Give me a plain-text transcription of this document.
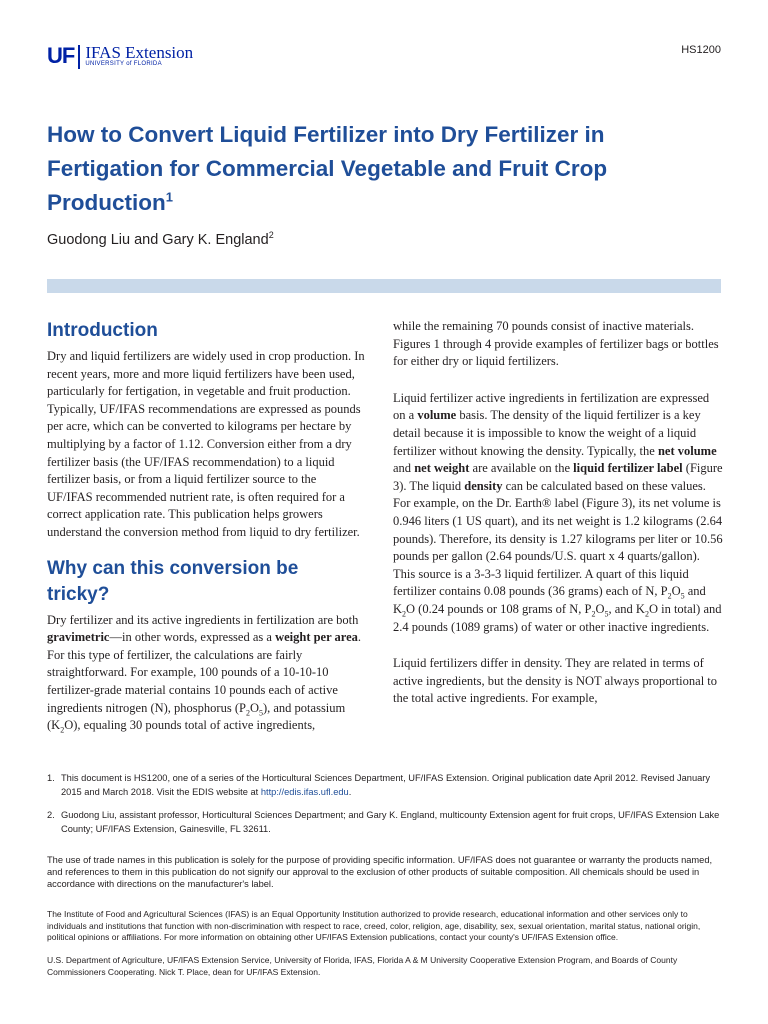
UF IFAS Extension
UNIVERSITY of FLORIDA
HS1200
How to Convert Liquid Fertilizer into Dry Fertilizer in Fertigation for Commercial Vegetable and Fruit Crop Production$^1$
Guodong Liu and Gary K. England$^2$
Introduction

Dry and liquid fertilizers are widely used in crop production. In recent years, more and more liquid fertilizers have been used, particularly for fertigation, in vegetable and fruit production. Typically, UF/IFAS recommendations are expressed as pounds per acre, which can be converted to kilograms per hectare by multiplying by a factor of 1.12. Conversion either from a dry fertilizer basis (the UF/IFAS recommendation) to a liquid fertilizer basis, or from a liquid fertilizer source to the UF/IFAS recommended nutrient rate, is often required for a correct application rate. This publication helps growers understand the conversion method from liquid to dry fertilizer.

Why can this conversion be tricky?

Dry fertilizer and its active ingredients in fertilization are both gravimetric—in other words, expressed as a weight per area. For this type of fertilizer, the calculations are fairly straightforward. For example, 100 pounds of a 10-10-10 fertilizer-grade material contains 10 pounds each of active ingredients nitrogen (N), phosphorus $(P_2O_5)$, and potassium $(K_2O)$, equaling 30 pounds total of active ingredients,

while the remaining 70 pounds consist of inactive materials. Figures 1 through 4 provide examples of fertilizer bags or bottles for either dry or liquid fertilizers.

Liquid fertilizer active ingredients in fertilization are expressed on a volume basis. The density of the liquid fertilizer is a key detail because it is impossible to know the weight of a liquid fertilizer without knowing the density. Typically, the net volume and net weight are available on the liquid fertilizer label (Figure 3). The liquid density can be calculated based on these values. For example, on the Dr. Earth® label (Figure 3), its net volume is 0.946 liters (1 US quart), and its net weight is 1.2 kilograms (2.64 pounds). Therefore, its density is 1.27 kilograms per liter or 10.56 pounds per gallon (2.64 pounds/U.S. quart x 4 quarts/gallon). This source is a 3-3-3 liquid fertilizer. A quart of this liquid fertilizer contains 0.08 pounds (36 grams) each of N, $P_2O_5$ and $K_2O$ (0.24 pounds or 108 grams of N, $P_2O_5$, and $K_2O$ in total) and 2.4 pounds (1089 grams) of water or other inactive ingredients.

Liquid fertilizers differ in density. They are related in terms of active ingredients, but the density is NOT always proportional to the total active ingredients. For example,

1. This document is HS1200, one of a series of the Horticultural Sciences Department, UF/IFAS Extension. Original publication date April 2012. Revised January 2015 and March 2018. Visit the EDIS website at http://edis.ifas.ufl.edu.
2. Guodong Liu, assistant professor, Horticultural Sciences Department; and Gary K. England, multicounty Extension agent for fruit crops, UF/IFAS Extension Lake County; UF/IFAS Extension, Gainesville, FL 32611.
The use of trade names in this publication is solely for the purpose of providing specific information. UF/IFAS does not guarantee or warranty the products named, and references to them in this publication do not signify our approval to the exclusion of other products of suitable composition. All chemicals should be used in accordance with directions on the manufacturer's label.
The Institute of Food and Agricultural Sciences (IFAS) is an Equal Opportunity Institution authorized to provide research, educational information and other services only to individuals and institutions that function with non-discrimination with respect to race, creed, color, religion, age, disability, sex, sexual orientation, marital status, national origin, political opinions or affiliations. For more information on obtaining other UF/IFAS Extension publications, contact your county's UF/IFAS Extension office.
U.S. Department of Agriculture, UF/IFAS Extension Service, University of Florida, IFAS, Florida A & M University Cooperative Extension Program, and Boards of County Commissioners Cooperating. Nick T. Place, dean for UF/IFAS Extension.
